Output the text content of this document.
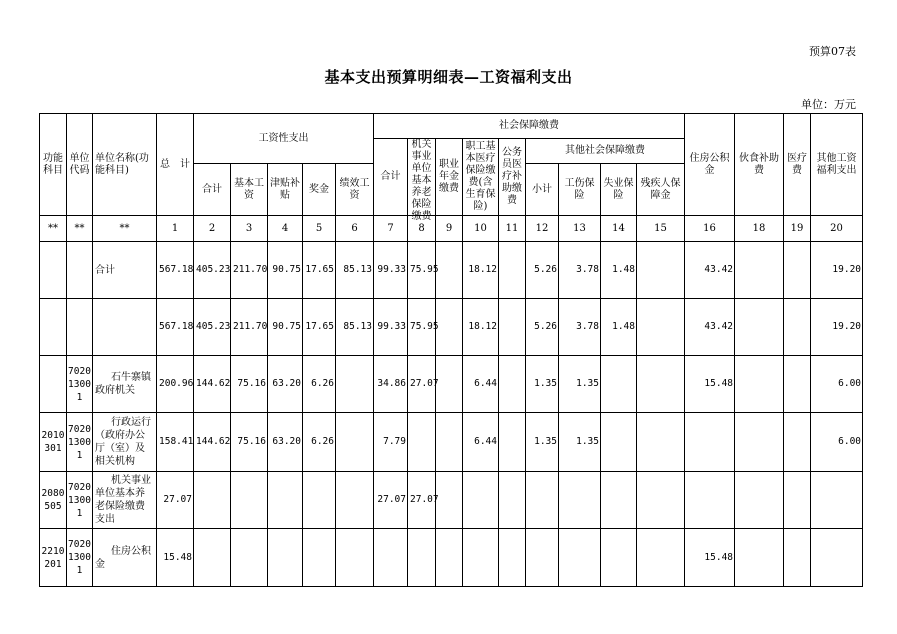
预算07表
基本支出预算明细表—工资福利支出
单位：万元
功能科目	单位代码	单位名称(功能科目)	总　计	工资性支出					社会保障缴费									住房公积金	伙食补助费	医疗费	其他工资福利支出
									合计	机关事业单位基本养老保险缴费	职业年金缴费	职工基本医疗保险缴费(含生育保险)	公务员医疗补助缴费	其他社会保障缴费							
				合计	基本工资	津贴补贴	奖金	绩效工资						小计	工伤保险	失业保险	残疾人保障金				
**	**	**	1	2	3	4	5	6	7	8	9	10	11	12	13	14	15	16	18	19	20
		合计	567.18	405.23	211.70	90.75	17.65	85.13	99.33	75.95		18.12		5.26	3.78	1.48		43.42			19.20
			567.18	405.23	211.70	90.75	17.65	85.13	99.33	75.95		18.12		5.26	3.78	1.48		43.42			19.20
	70201300 1	石牛寨镇政府机关	200.96	144.62	75.16	63.20	6.26		34.86	27.07		6.44		1.35	1.35			15.48			6.00
2010 301	70201300 1	行政运行（政府办公厅（室）及相关机构	158.41	144.62	75.16	63.20	6.26		7.79			6.44		1.35	1.35						6.00
2080 505	70201300 1	机关事业单位基本养老保险缴费支出	27.07						27.07	27.07											
2210 201	70201300 1	住房公积金	15.48															15.48			
